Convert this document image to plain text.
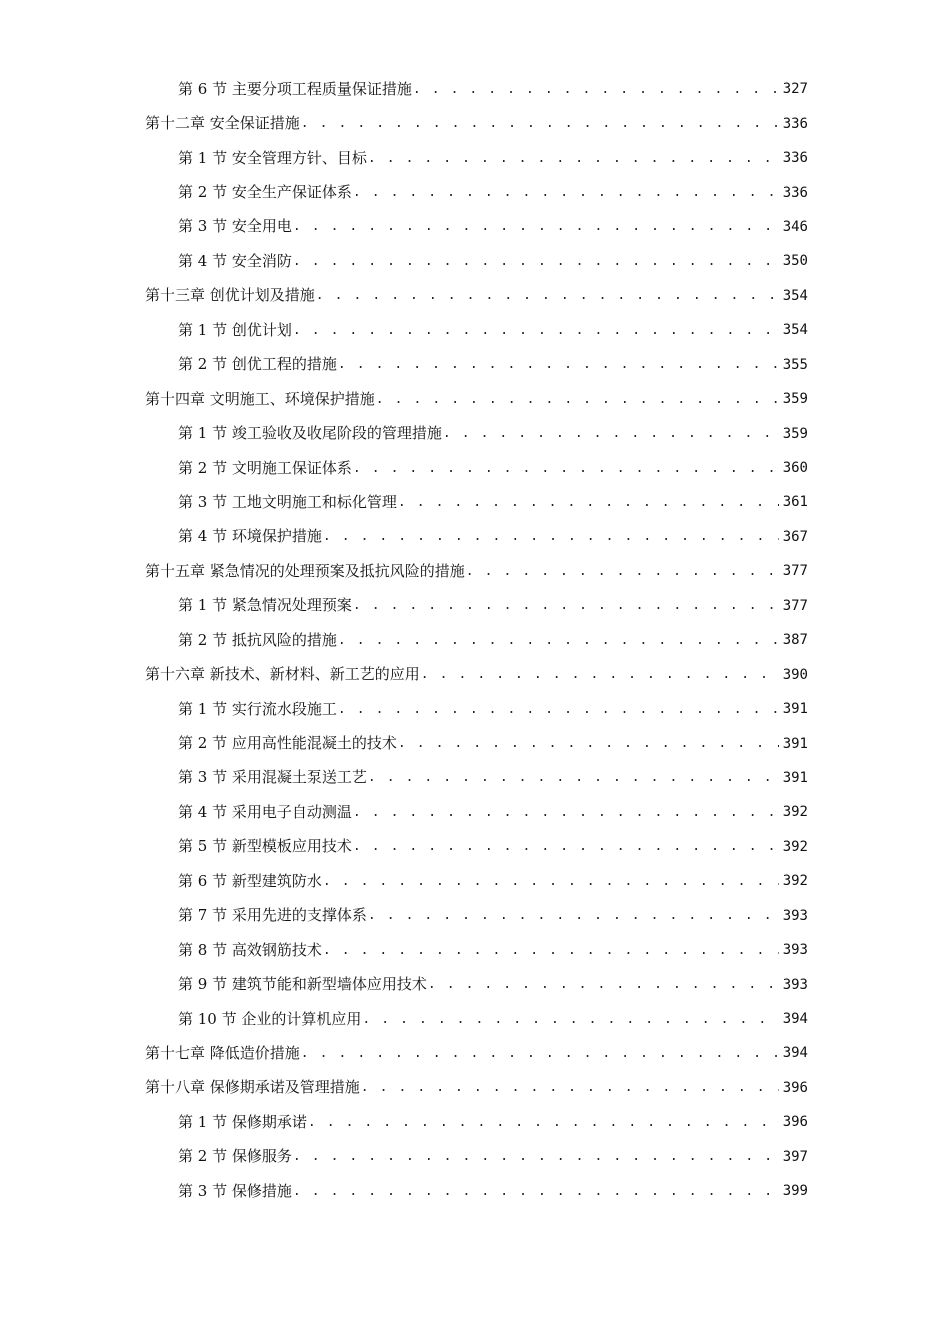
第 6 节 主要分项工程质量保证措施 . . .	327
第十二章 安全保证措施 . . .	336
第 1 节 安全管理方针、目标 . . .	336
第 2 节 安全生产保证体系 . . .	336
第 3 节 安全用电 . . .	346
第 4 节 安全消防 . . .	350
第十三章 创优计划及措施 . . .	354
第 1 节 创优计划 . . .	354
第 2 节 创优工程的措施 . . .	355
第十四章 文明施工、环境保护措施 . . .	359
第 1 节 竣工验收及收尾阶段的管理措施 . . .	359
第 2 节 文明施工保证体系 . . .	360
第 3 节 工地文明施工和标化管理 . . .	361
第 4 节 环境保护措施 . . .	367
第十五章 紧急情况的处理预案及抵抗风险的措施 . . .	377
第 1 节 紧急情况处理预案 . . .	377
第 2 节 抵抗风险的措施 . . .	387
第十六章 新技术、新材料、新工艺的应用 . . .	390
第 1 节 实行流水段施工 . . .	391
第 2 节 应用高性能混凝土的技术 . . .	391
第 3 节 采用混凝土泵送工艺 . . .	391
第 4 节 采用电子自动测温 . . .	392
第 5 节 新型模板应用技术 . . .	392
第 6 节 新型建筑防水 . . .	392
第 7 节 采用先进的支撑体系 . . .	393
第 8 节 高效钢筋技术 . . .	393
第 9 节 建筑节能和新型墙体应用技术 . . .	393
第 10 节 企业的计算机应用 . . .	394
第十七章 降低造价措施 . . .	394
第十八章 保修期承诺及管理措施 . . .	396
第 1 节 保修期承诺 . . .	396
第 2 节 保修服务 . . .	397
第 3 节 保修措施 . . .	399
